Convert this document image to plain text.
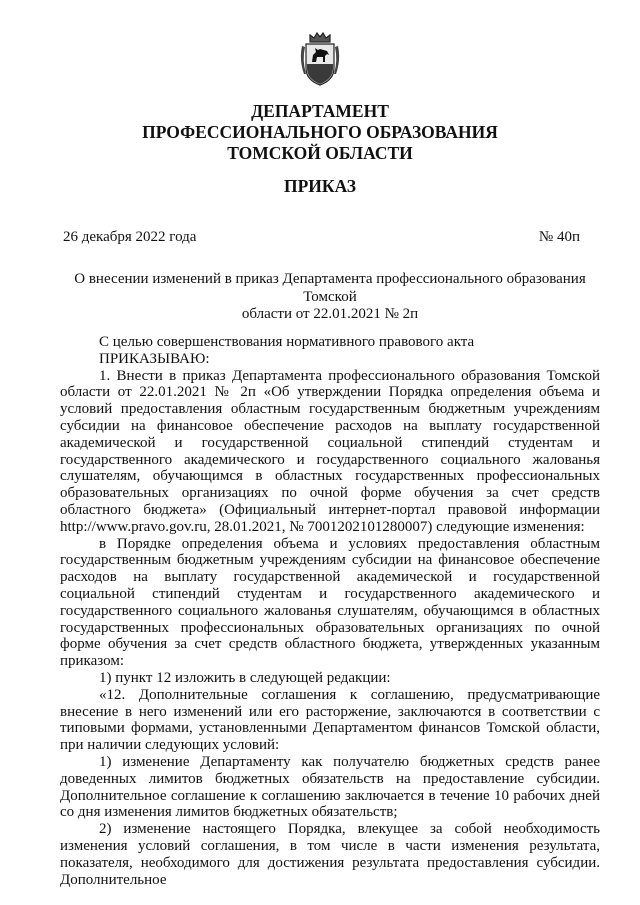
ДЕПАРТАМЕНТ
ПРОФЕССИОНАЛЬНОГО ОБРАЗОВАНИЯ
ТОМСКОЙ ОБЛАСТИ
ПРИКАЗ
26 декабря 2022 года	№ 40п
О внесении изменений в приказ Департамента профессионального образования Томской
области от 22.01.2021 № 2п

С целью совершенствования нормативного правового акта

ПРИКАЗЫВАЮ:

1. Внести в приказ Департамента профессионального образования Томской области от 22.01.2021 № 2п «Об утверждении Порядка определения объема и условий предоставления областным государственным бюджетным учреждениям субсидии на финансовое обеспечение расходов на выплату государственной академической и государственной социальной стипендий студентам и государственного академического и государственного социального жалованья слушателям, обучающимся в областных государственных профессиональных образовательных организациях по очной форме обучения за счет средств областного бюджета» (Официальный интернет-портал правовой информации http://www.pravo.gov.ru, 28.01.2021, № 7001202101280007) следующие изменения:

в Порядке определения объема и условиях предоставления областным государственным бюджетным учреждениям субсидии на финансовое обеспечение расходов на выплату государственной академической и государственной социальной стипендий студентам и государственного академического и государственного социального жалованья слушателям, обучающимся в областных государственных профессиональных образовательных организациях по очной форме обучения за счет средств областного бюджета, утвержденных указанным приказом:

1) пункт 12 изложить в следующей редакции:

«12. Дополнительные соглашения к соглашению, предусматривающие внесение в него изменений или его расторжение, заключаются в соответствии с типовыми формами, установленными Департаментом финансов Томской области, при наличии следующих условий:

1) изменение Департаменту как получателю бюджетных средств ранее доведенных лимитов бюджетных обязательств на предоставление субсидии. Дополнительное соглашение к соглашению заключается в течение 10 рабочих дней со дня изменения лимитов бюджетных обязательств;

2) изменение настоящего Порядка, влекущее за собой необходимость изменения условий соглашения, в том числе в части изменения результата, показателя, необходимого для достижения результата предоставления субсидии. Дополнительное
